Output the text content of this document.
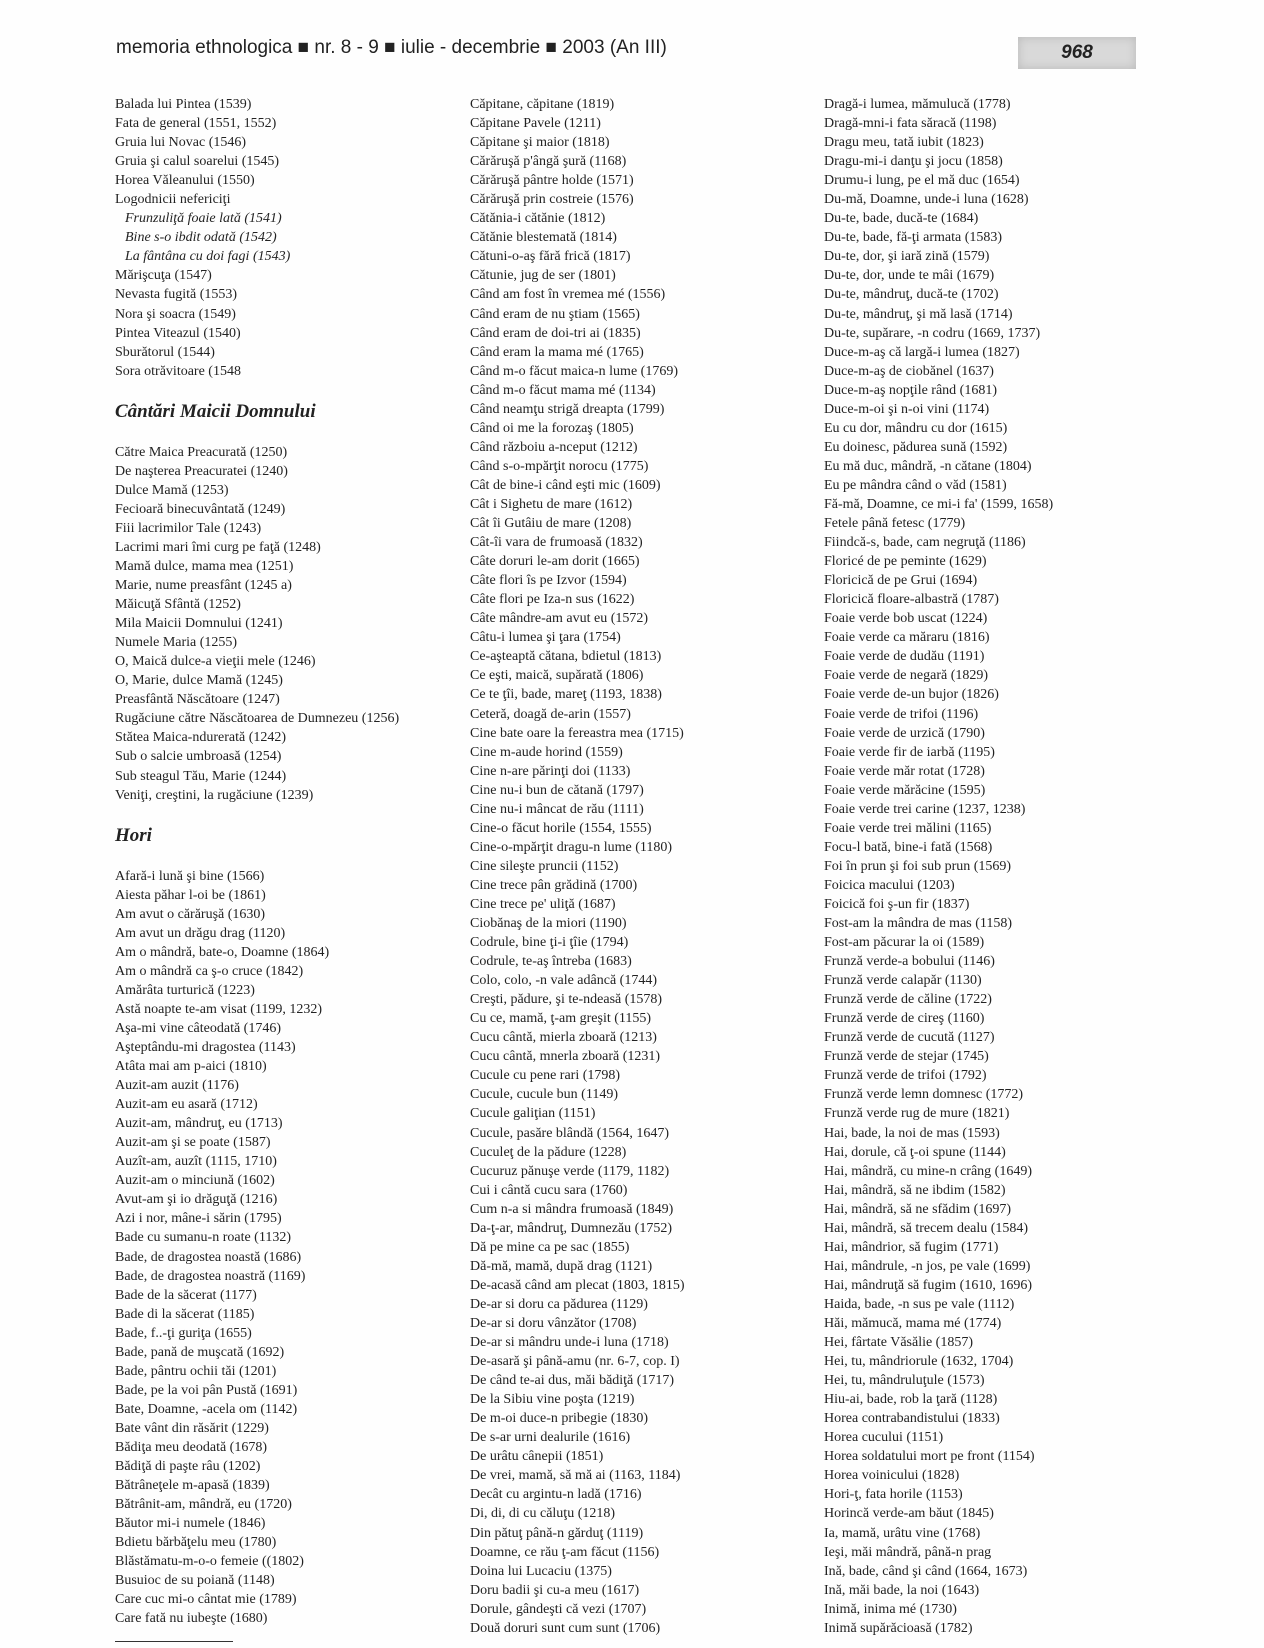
memoria ethnologica ■ nr. 8 - 9 ■ iulie - decembrie ■ 2003 (An III)	968
Balada lui Pintea (1539)
Fata de general (1551, 1552)
Gruia lui Novac (1546)
Gruia şi calul soarelui (1545)
Horea Văleanului (1550)
Logodnicii nefericiţi
Frunzuliţă foaie lată (1541)
Bine s-o ibdit odată (1542)
La fântâna cu doi fagi (1543)
Mărişcuţa (1547)
Nevasta fugită (1553)
Nora şi soacra (1549)
Pintea Viteazul (1540)
Sburătorul (1544)
Sora otrăvitoare (1548
Cântări Maicii Domnului
Către Maica Preacurată (1250)
De naşterea Preacuratei (1240)
Dulce Mamă (1253)
Fecioară binecuvântată (1249)
Fiii lacrimilor Tale (1243)
Lacrimi mari îmi curg pe faţă (1248)
Mamă dulce, mama mea (1251)
Marie, nume preasfânt (1245 a)
Măicuţă Sfântă (1252)
Mila Maicii Domnului (1241)
Numele Maria (1255)
O, Maică dulce-a vieţii mele (1246)
O, Marie, dulce Mamă (1245)
Preasfântă Născătoare (1247)
Rugăciune către Născătoarea de Dumnezeu (1256)
Stătea Maica-ndurerată (1242)
Sub o salcie umbroasă (1254)
Sub steagul Tău, Marie (1244)
Veniţi, creştini, la rugăciune (1239)
Hori
Afară-i lună şi bine (1566)
Aiesta păhar l-oi be (1861)
Am avut o cărăruşă (1630)
Am avut un drăgu drag (1120)
Am o mândră, bate-o, Doamne (1864)
Am o mândră ca ş-o cruce (1842)
Amărâta turturică (1223)
Astă noapte te-am visat (1199, 1232)
Aşa-mi vine câteodată (1746)
Aşteptându-mi dragostea (1143)
Atâta mai am p-aici (1810)
Auzit-am auzit (1176)
Auzit-am eu asară (1712)
Auzit-am, mândruţ, eu (1713)
Auzit-am şi se poate (1587)
Auzît-am, auzît (1115, 1710)
Auzit-am o minciună (1602)
Avut-am şi io drăguţă (1216)
Azi i nor, mâne-i sărin (1795)
Bade cu sumanu-n roate (1132)
Bade, de dragostea noastă (1686)
Bade, de dragostea noastră (1169)
Bade de la săcerat (1177)
Bade di la săcerat (1185)
Bade, f..-ţi guriţa (1655)
Bade, pană de muşcată (1692)
Bade, pântru ochii tăi (1201)
Bade, pe la voi pân Pustă (1691)
Bate, Doamne, -acela om (1142)
Bate vânt din răsărit (1229)
Bădiţa meu deodată (1678)
Bădiţă di paşte râu (1202)
Bătrâneţele m-apasă (1839)
Bătrânit-am, mândră, eu (1720)
Băutor mi-i numele (1846)
Bdietu bărbăţelu meu (1780)
Blăstămatu-m-o-o femeie ((1802)
Busuioc de su poiană (1148)
Care cuc mi-o cântat mie (1789)
Care fată nu iubeşte (1680)
Căpitane, căpitane (1819)
Căpitane Pavele (1211)
Căpitane şi maior (1818)
Cărăruşă p'ângă şură (1168)
Cărăruşă pântre holde (1571)
Cărăruşă prin costreie (1576)
Cătănia-i cătănie (1812)
Cătănie blestemată (1814)
Cătuni-o-aş fără frică (1817)
Cătunie, jug de ser (1801)
Când am fost în vremea mé (1556)
Când eram de nu ştiam (1565)
Când eram de doi-tri ai (1835)
Când eram la mama mé (1765)
Când m-o făcut maica-n lume (1769)
Când m-o făcut mama mé (1134)
Când neamţu strigă dreapta (1799)
Când oi me la forozaş (1805)
Când războiu a-nceput (1212)
Când s-o-mpărţit norocu (1775)
Cât de bine-i când eşti mic (1609)
Cât i Sighetu de mare (1612)
Cât îi Gutâiu de mare (1208)
Cât-îi vara de frumoasă (1832)
Câte doruri le-am dorit (1665)
Câte flori îs pe Izvor (1594)
Câte flori pe Iza-n sus (1622)
Câte mândre-am avut eu (1572)
Câtu-i lumea şi ţara (1754)
Ce-aşteaptă cătana, bdietul (1813)
Ce eşti, maică, supărată (1806)
Ce te ţîi, bade, mareţ (1193, 1838)
Ceteră, doagă de-arin (1557)
Cine bate oare la fereastra mea (1715)
Cine m-aude horind (1559)
Cine n-are părinţi doi (1133)
Cine nu-i bun de cătană (1797)
Cine nu-i mâncat de rău (1111)
Cine-o făcut horile (1554, 1555)
Cine-o-mpărţit dragu-n lume (1180)
Cine sileşte pruncii (1152)
Cine trece pân grădină (1700)
Cine trece pe' uliţă (1687)
Ciobănaş de la miori (1190)
Codrule, bine ţi-i ţîie (1794)
Codrule, te-aş întreba (1683)
Colo, colo, -n vale adâncă (1744)
Creşti, pădure, şi te-ndeasă (1578)
Cu ce, mamă, ţ-am greşit (1155)
Cucu cântă, mierla zboară (1213)
Cucu cântă, mnerla zboară (1231)
Cucule cu pene rari (1798)
Cucule, cucule bun (1149)
Cucule galiţian (1151)
Cucule, pasăre blândă (1564, 1647)
Cuculeţ de la pădure (1228)
Cucuruz pănuşe verde (1179, 1182)
Cui i cântă cucu sara (1760)
Cum n-a si mândra frumoasă (1849)
Da-ţ-ar, mândruţ, Dumnezău (1752)
Dă pe mine ca pe sac (1855)
Dă-mă, mamă, după drag (1121)
De-acasă când am plecat (1803, 1815)
De-ar si doru ca pădurea (1129)
De-ar si doru vânzător (1708)
De-ar si mândru unde-i luna (1718)
De-asară şi până-amu (nr. 6-7, cop. I)
De când te-ai dus, măi bădiţă (1717)
De la Sibiu vine poşta (1219)
De m-oi duce-n pribegie (1830)
De s-ar urni dealurile (1616)
De urâtu cânepii (1851)
De vrei, mamă, să mă ai (1163, 1184)
Decât cu argintu-n ladă (1716)
Di, di, di cu căluţu (1218)
Din pătuţ până-n gărduţ (1119)
Doamne, ce rău ţ-am făcut (1156)
Doina lui Lucaciu (1375)
Doru badii şi cu-a meu (1617)
Dorule, gândeşti că vezi (1707)
Două doruri sunt cum sunt (1706)
Dragă-i lumea, mămulucă (1778)
Dragă-mni-i fata săracă (1198)
Dragu meu, tată iubit (1823)
Dragu-mi-i danţu şi jocu (1858)
Drumu-i lung, pe el mă duc (1654)
Du-mă, Doamne, unde-i luna (1628)
Du-te, bade, ducă-te (1684)
Du-te, bade, fă-ţi armata (1583)
Du-te, dor, şi iară zină (1579)
Du-te, dor, unde te mâi (1679)
Du-te, mândruţ, ducă-te (1702)
Du-te, mândruţ, şi mă lasă (1714)
Du-te, supărare, -n codru (1669, 1737)
Duce-m-aş că largă-i lumea (1827)
Duce-m-aş de ciobănel (1637)
Duce-m-aş nopţile rând (1681)
Duce-m-oi şi n-oi vini (1174)
Eu cu dor, mândru cu dor (1615)
Eu doinesc, pădurea sună (1592)
Eu mă duc, mândră, -n cătane (1804)
Eu pe mândra când o văd (1581)
Fă-mă, Doamne, ce mi-i fa' (1599, 1658)
Fetele până fetesc (1779)
Fiindcă-s, bade, cam negruţă (1186)
Floricé de pe peminte (1629)
Floricică de pe Grui (1694)
Floricică floare-albastră (1787)
Foaie verde bob uscat (1224)
Foaie verde ca măraru (1816)
Foaie verde de dudău (1191)
Foaie verde de negară (1829)
Foaie verde de-un bujor (1826)
Foaie verde de trifoi (1196)
Foaie verde de urzică (1790)
Foaie verde fir de iarbă (1195)
Foaie verde măr rotat (1728)
Foaie verde mărăcine (1595)
Foaie verde trei carine (1237, 1238)
Foaie verde trei mălini (1165)
Focu-l bată, bine-i fată (1568)
Foi în prun şi foi sub prun (1569)
Foicica macului (1203)
Foicică foi ş-un fir (1837)
Fost-am la mândra de mas (1158)
Fost-am păcurar la oi (1589)
Frunză verde-a bobului (1146)
Frunză verde calapăr (1130)
Frunză verde de căline (1722)
Frunză verde de cireş (1160)
Frunză verde de cucută (1127)
Frunză verde de stejar (1745)
Frunză verde de trifoi (1792)
Frunză verde lemn domnesc (1772)
Frunză verde rug de mure (1821)
Hai, bade, la noi de mas (1593)
Hai, dorule, că ţ-oi spune (1144)
Hai, mândră, cu mine-n crâng (1649)
Hai, mândră, să ne ibdim (1582)
Hai, mândră, să ne sfădim (1697)
Hai, mândră, să trecem dealu (1584)
Hai, mândrior, să fugim (1771)
Hai, mândrule, -n jos, pe vale (1699)
Hai, mândruţă să fugim (1610, 1696)
Haida, bade, -n sus pe vale (1112)
Hăi, mămucă, mama mé (1774)
Hei, fârtate Văsălie (1857)
Hei, tu, mândriorule (1632, 1704)
Hei, tu, mândruluţule (1573)
Hiu-ai, bade, rob la ţară (1128)
Horea contrabandistului (1833)
Horea cucului (1151)
Horea soldatului mort pe front (1154)
Horea voinicului (1828)
Hori-ţ, fata horile (1153)
Horincă verde-am băut (1845)
Ia, mamă, urâtu vine (1768)
Ieşi, măi mândră, până-n prag
Ină, bade, când şi când (1664, 1673)
Ină, măi bade, la noi (1643)
Inimă, inima mé (1730)
Inimă supărăcioasă (1782)
